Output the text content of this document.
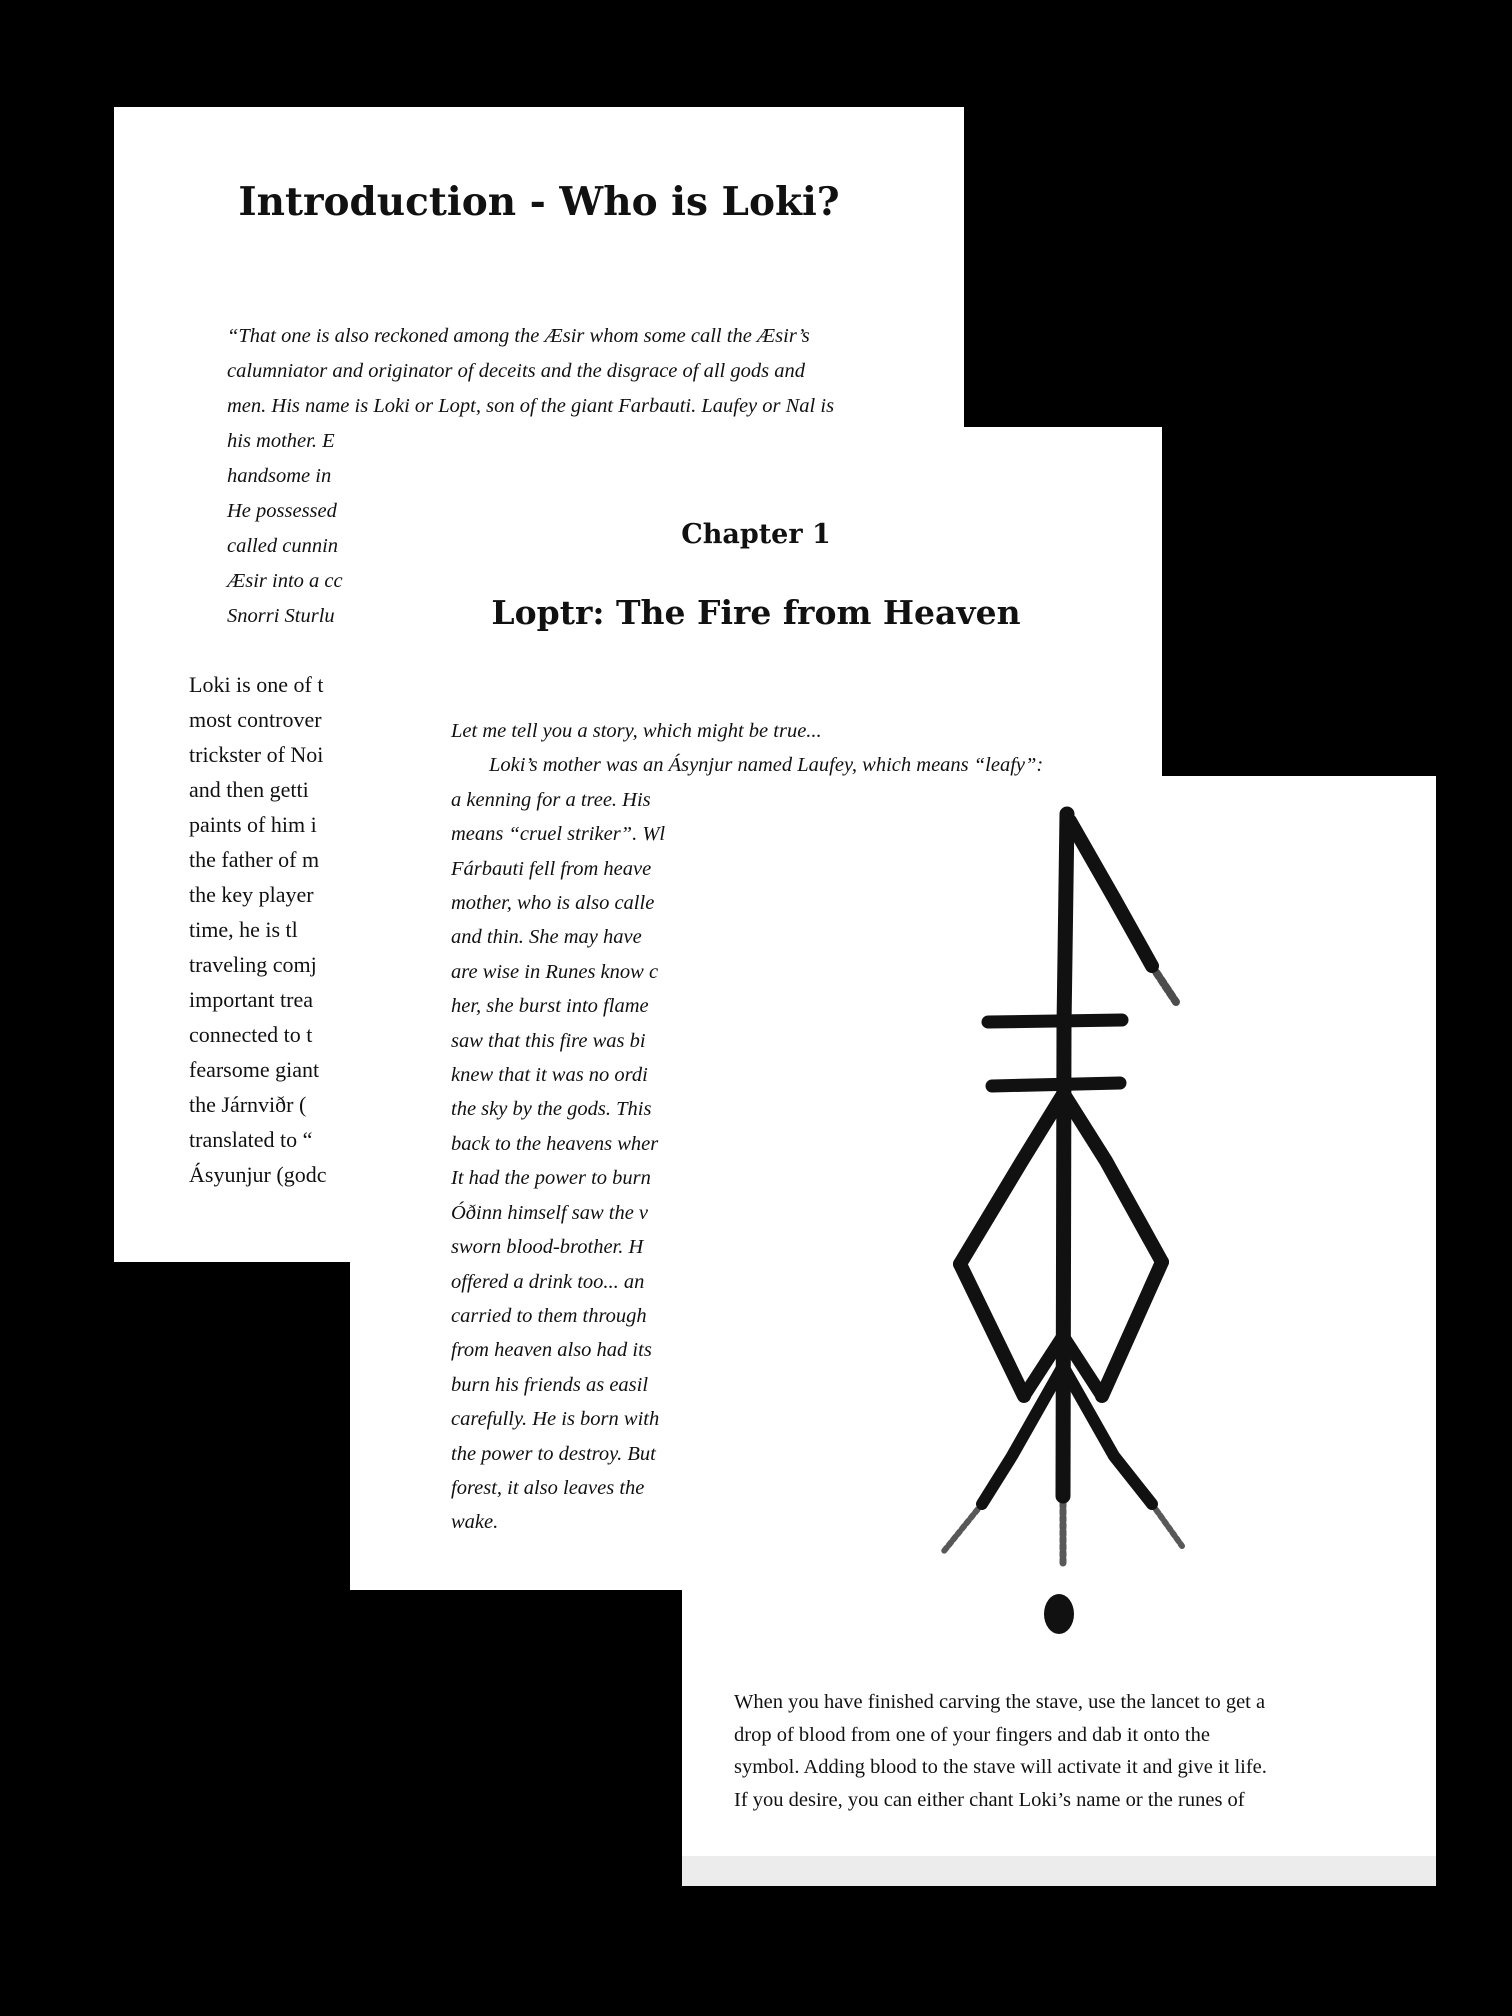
Introduction - Who is Loki?
“That one is also reckoned among the Æsir whom some call the Æsir’s
calumniator and originator of deceits and the disgrace of all gods and
men. His name is Loki or Lopt, son of the giant Farbauti. Laufey or Nal is
his mother. E
handsome in
He possessed
called cunnin
Æsir into a cc
Snorri Sturlu
Loki is one of t
most controver
trickster of Noi
and then getti
paints of him i
the father of m
the key player
time, he is tl
traveling comj
important trea
connected to t
fearsome giant
the Járnviðr (
translated to “
Ásyunjur (godc
Chapter 1
Loptr: The Fire from Heaven
Let me tell you a story, which might be true...
Loki’s mother was an Ásynjur named Laufey, which means “leafy”:
a kenning for a tree. His
means “cruel striker”. Wl
Fárbauti fell from heave
mother, who is also calle
and thin. She may have
are wise in Runes know c
her, she burst into flame
saw that this fire was bi
knew that it was no ordi
the sky by the gods. This
back to the heavens wher
It had the power to burn
Óðinn himself saw the v
sworn blood-brother. H
offered a drink too... an
carried to them through
from heaven also had its
burn his friends as easil
carefully. He is born with
the power to destroy. But
forest, it also leaves the
wake.
When you have finished carving the stave, use the lancet to get a
drop of blood from one of your fingers and dab it onto the
symbol. Adding blood to the stave will activate it and give it life.
If you desire, you can either chant Loki’s name or the runes of
